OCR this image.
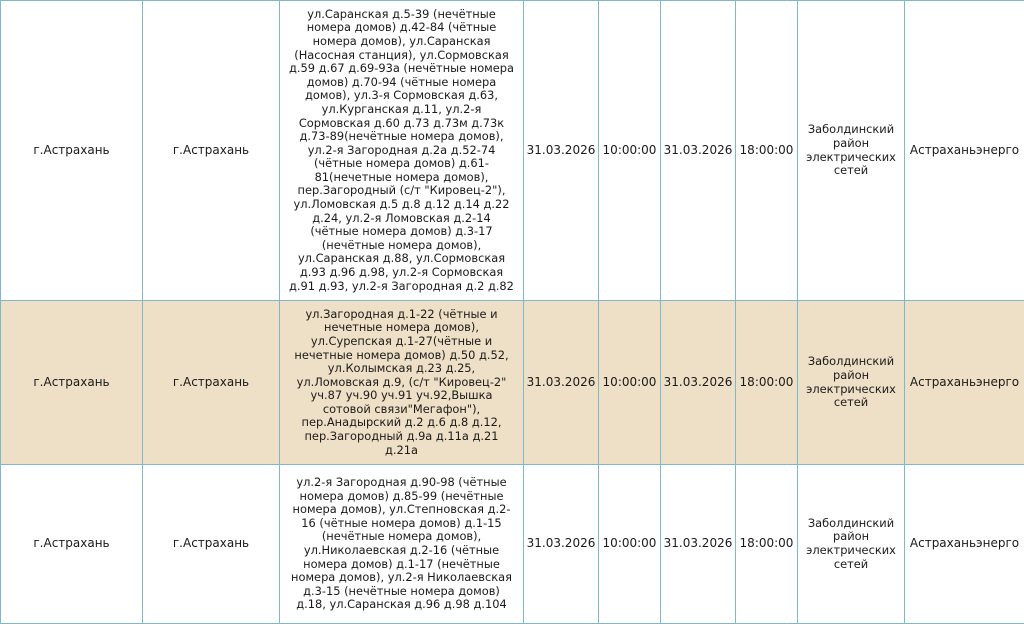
г.Астрахань	г.Астрахань	ул.Саранская д.5-39 (нечётные номера домов) д.42-84 (чётные номера домов), ул.Саранская (Насосная станция), ул.Сормовская д.59 д.67 д.69-93а (нечётные номера домов) д.70-94 (чётные номера домов), ул.3-я Сормовская д.63, ул.Курганская д.11, ул.2-я Сормовская д.60 д.73 д.73м д.73к д.73-89(нечётные номера домов), ул.2-я Загородная д.2а д.52-74 (чётные номера домов) д.61-81(нечетные номера домов), пер.Загородный (с/т "Кировец-2"), ул.Ломовская д.5 д.8 д.12 д.14 д.22 д.24, ул.2-я Ломовская д.2-14 (чётные номера домов) д.3-17 (нечётные номера домов), ул.Саранская д.88, ул.Сормовская д.93 д.96 д.98, ул.2-я Сормовская д.91 д.93, ул.2-я Загородная д.2 д.82	31.03.2026	10:00:00	31.03.2026	18:00:00	Заболдинский район электрических сетей	Астраханьэнерго
г.Астрахань	г.Астрахань	ул.Загородная д.1-22 (чётные и нечетные номера домов), ул.Сурепская д.1-27(чётные и нечетные номера домов) д.50 д.52, ул.Колымская д.23 д.25, ул.Ломовская д.9, (с/т "Кировец-2" уч.87 уч.90 уч.91 уч.92,Вышка сотовой связи"Мегафон"), пер.Анадырский д.2 д.6 д.8 д.12, пер.Загородный д.9а д.11а д.21 д.21а	31.03.2026	10:00:00	31.03.2026	18:00:00	Заболдинский район электрических сетей	Астраханьэнерго
г.Астрахань	г.Астрахань	ул.2-я Загородная д.90-98 (чётные номера домов) д.85-99 (нечётные номера домов), ул.Степновская д.2-16 (чётные номера домов) д.1-15 (нечётные номера домов), ул.Николаевская д.2-16 (чётные номера домов) д.1-17 (нечётные номера домов), ул.2-я Николаевская д.3-15 (нечётные номера домов) д.18, ул.Саранская д.96 д.98 д.104	31.03.2026	10:00:00	31.03.2026	18:00:00	Заболдинский район электрических сетей	Астраханьэнерго
